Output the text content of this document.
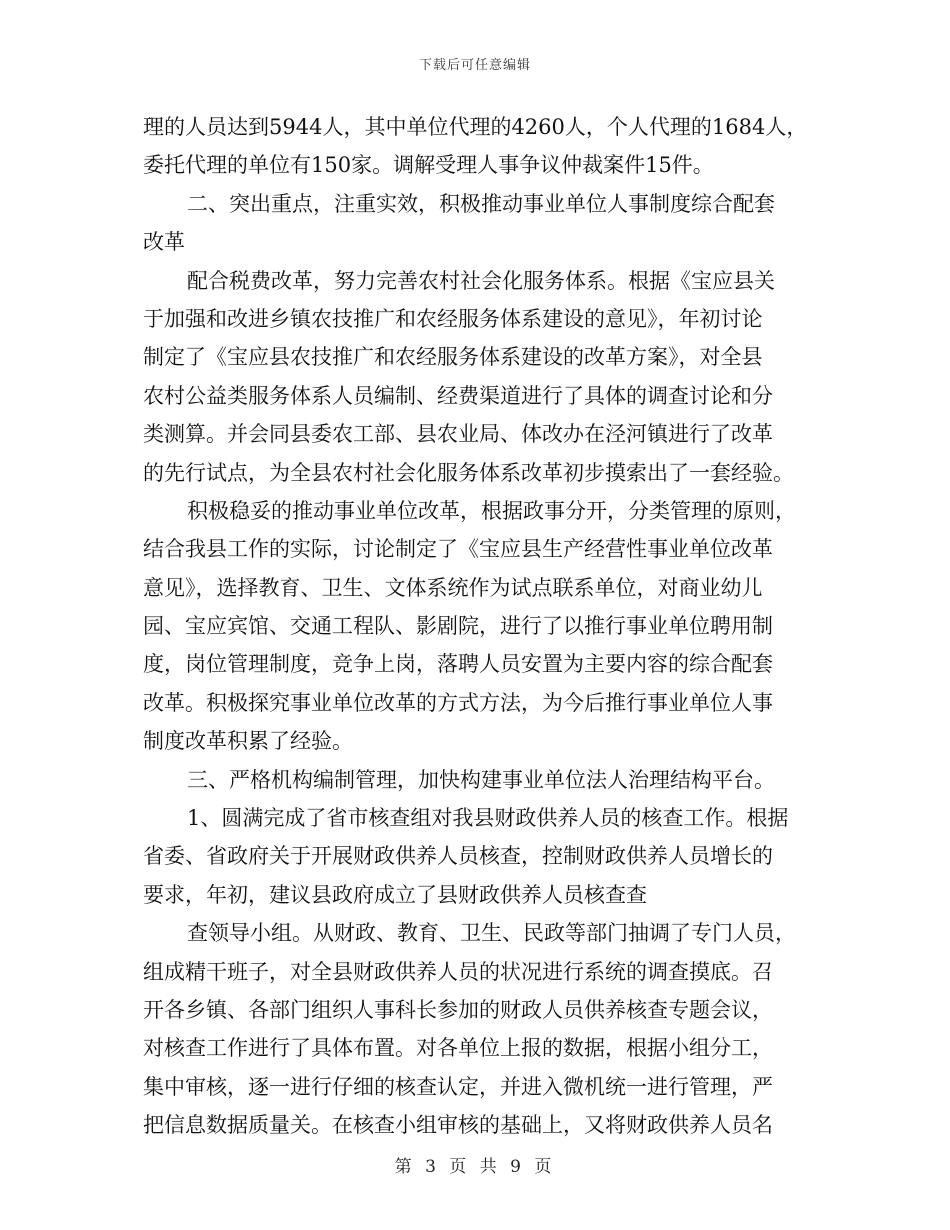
下载后可任意编辑
理的人员达到5944人，其中单位代理的4260人，个人代理的1684人，
委托代理的单位有150家。调解受理人事争议仲裁案件15件。
二、突出重点，注重实效，积极推动事业单位人事制度综合配套
改革
配合税费改革，努力完善农村社会化服务体系。根据《宝应县关
于加强和改进乡镇农技推广和农经服务体系建设的意见》，年初讨论
制定了《宝应县农技推广和农经服务体系建设的改革方案》，对全县
农村公益类服务体系人员编制、经费渠道进行了具体的调查讨论和分
类测算。并会同县委农工部、县农业局、体改办在泾河镇进行了改革
的先行试点，为全县农村社会化服务体系改革初步摸索出了一套经验。
积极稳妥的推动事业单位改革，根据政事分开，分类管理的原则，
结合我县工作的实际，讨论制定了《宝应县生产经营性事业单位改革
意见》，选择教育、卫生、文体系统作为试点联系单位，对商业幼儿
园、宝应宾馆、交通工程队、影剧院，进行了以推行事业单位聘用制
度，岗位管理制度，竞争上岗，落聘人员安置为主要内容的综合配套
改革。积极探究事业单位改革的方式方法，为今后推行事业单位人事
制度改革积累了经验。
三、严格机构编制管理，加快构建事业单位法人治理结构平台。
1、圆满完成了省市核查组对我县财政供养人员的核查工作。根据
省委、省政府关于开展财政供养人员核查，控制财政供养人员增长的
要求，年初，建议县政府成立了县财政供养人员核查查
查领导小组。从财政、教育、卫生、民政等部门抽调了专门人员，
组成精干班子，对全县财政供养人员的状况进行系统的调查摸底。召
开各乡镇、各部门组织人事科长参加的财政人员供养核查专题会议，
对核查工作进行了具体布置。对各单位上报的数据，根据小组分工，
集中审核，逐一进行仔细的核查认定，并进入微机统一进行管理，严
把信息数据质量关。在核查小组审核的基础上，又将财政供养人员名
第 3 页 共 9 页
